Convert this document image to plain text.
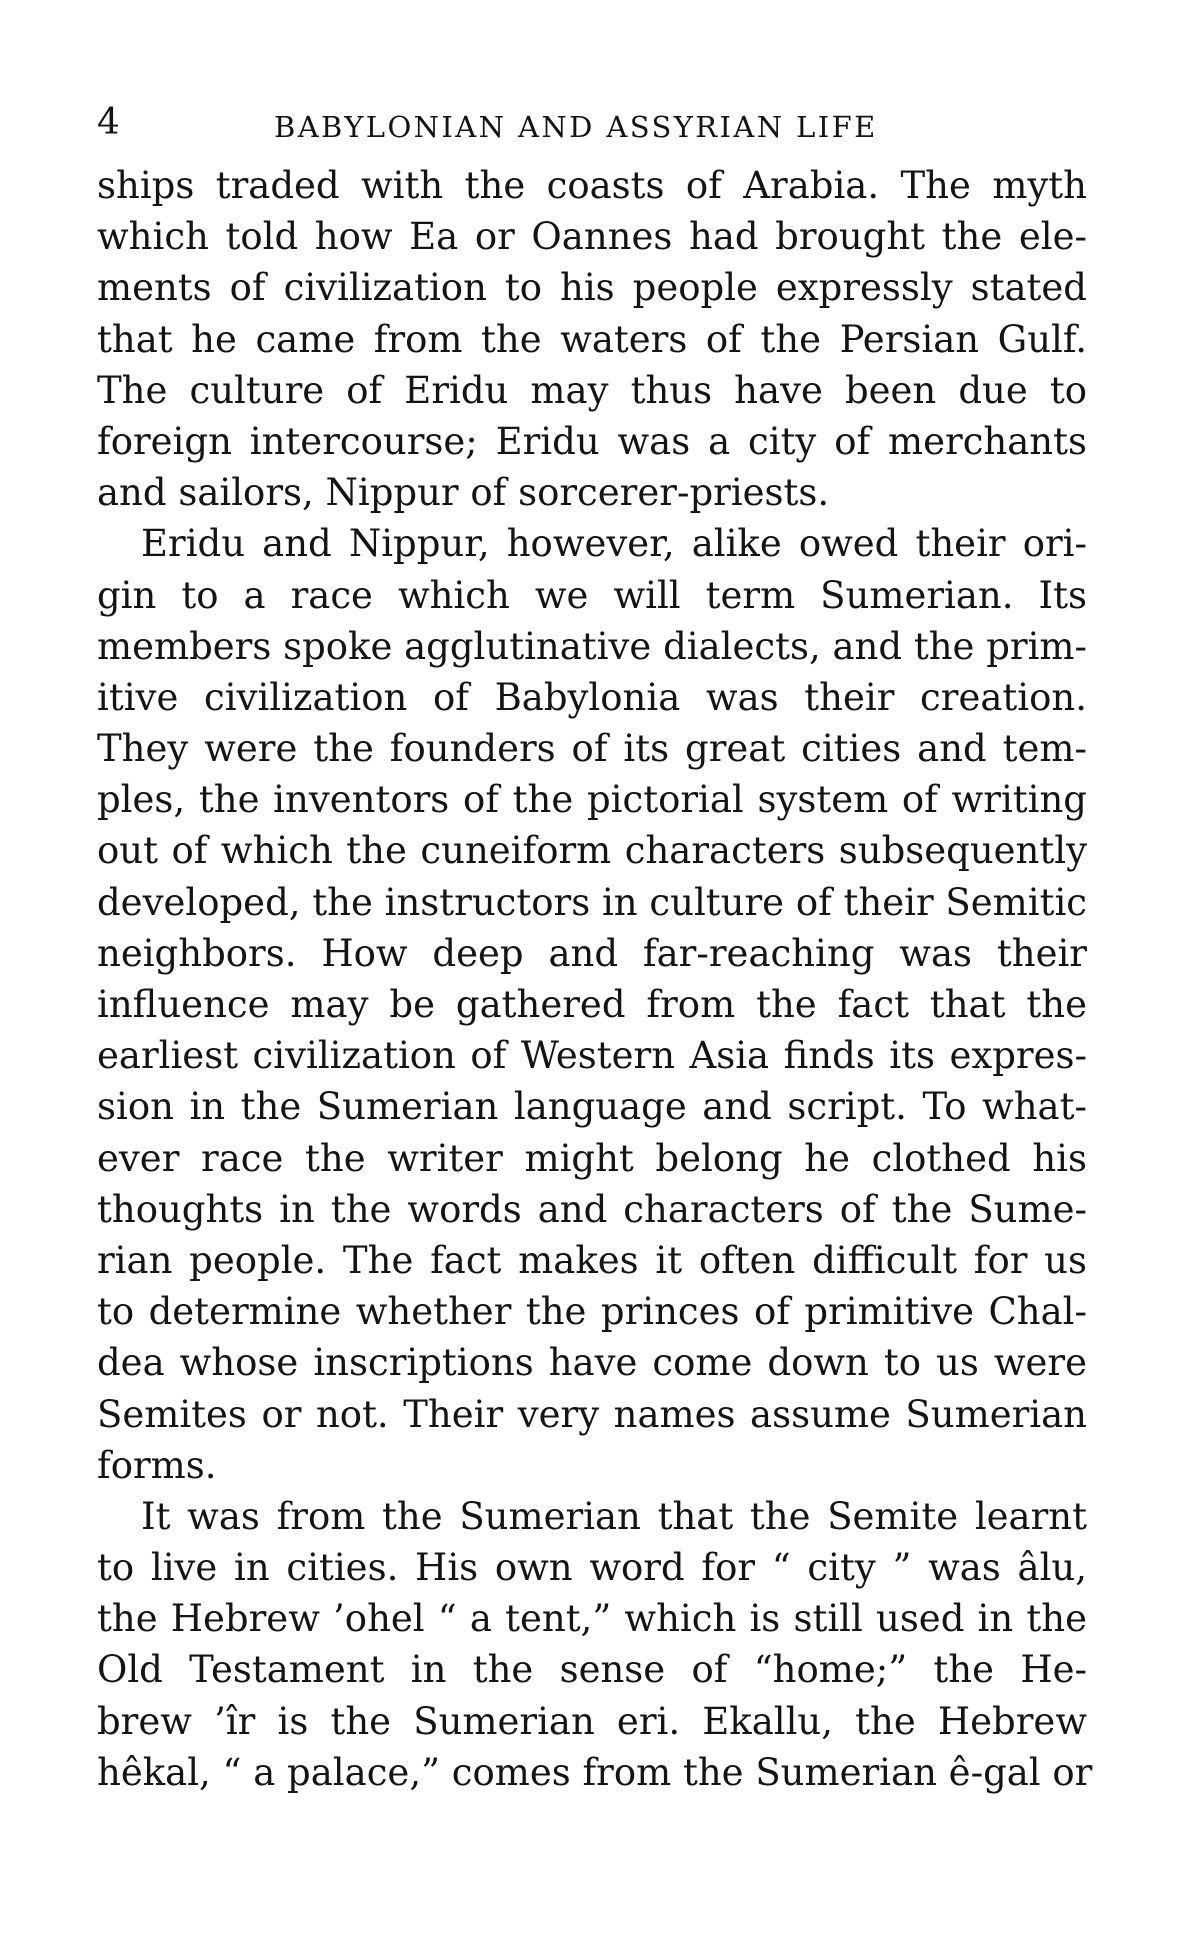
4	BABYLONIAN AND ASSYRIAN LIFE
ships traded with the coasts of Arabia. The myth
which told how Ea or Oannes had brought the ele-
ments of civilization to his people expressly stated
that he came from the waters of the Persian Gulf.
The culture of Eridu may thus have been due to
foreign intercourse; Eridu was a city of merchants
and sailors, Nippur of sorcerer-priests.
Eridu and Nippur, however, alike owed their ori-
gin to a race which we will term Sumerian. Its
members spoke agglutinative dialects, and the prim-
itive civilization of Babylonia was their creation.
They were the founders of its great cities and tem-
ples, the inventors of the pictorial system of writing
out of which the cuneiform characters subsequently
developed, the instructors in culture of their Semitic
neighbors. How deep and far-reaching was their
influence may be gathered from the fact that the
earliest civilization of Western Asia finds its expres-
sion in the Sumerian language and script. To what-
ever race the writer might belong he clothed his
thoughts in the words and characters of the Sume-
rian people. The fact makes it often difficult for us
to determine whether the princes of primitive Chal-
dea whose inscriptions have come down to us were
Semites or not. Their very names assume Sumerian
forms.
It was from the Sumerian that the Semite learnt
to live in cities. His own word for “ city ” was âlu,
the Hebrew ’ohel “ a tent,” which is still used in the
Old Testament in the sense of “home;” the He-
brew ’îr is the Sumerian eri. Ekallu, the Hebrew
hêkal, “ a palace,” comes from the Sumerian ê-gal or
